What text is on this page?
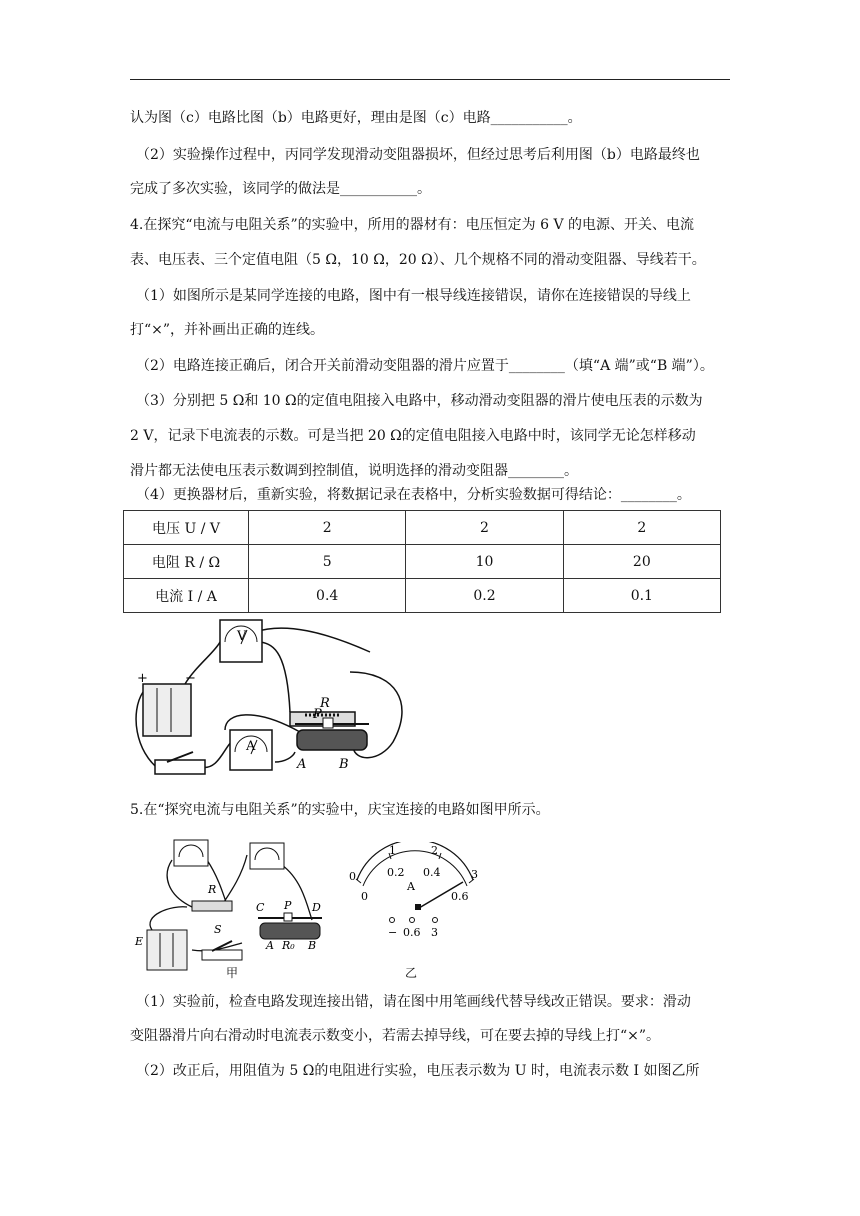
认为图（c）电路比图（b）电路更好，理由是图（c）电路___________。
（2）实验操作过程中，丙同学发现滑动变阻器损坏，但经过思考后利用图（b）电路最终也
完成了多次实验，该同学的做法是___________。
4.在探究“电流与电阻关系”的实验中，所用的器材有：电压恒定为 6 V 的电源、开关、电流
表、电压表、三个定值电阻（5 Ω，10 Ω，20 Ω）、几个规格不同的滑动变阻器、导线若干。
（1）如图所示是某同学连接的电路，图中有一根导线连接错误，请你在连接错误的导线上
打“×”，并补画出正确的连线。
（2）电路连接正确后，闭合开关前滑动变阻器的滑片应置于________（填“A 端”或“B 端”）。
（3）分别把 5 Ω和 10 Ω的定值电阻接入电路中，移动滑动变阻器的滑片使电压表的示数为
2 V，记录下电流表的示数。可是当把 20 Ω的定值电阻接入电路中时，该同学无论怎样移动
滑片都无法使电压表示数调到控制值，说明选择的滑动变阻器________。
（4）更换器材后，重新实验，将数据记录在表格中，分析实验数据可得结论：________。
电压 U / V	2	2	2
电阻 R / Ω	5	10	20
电流 I / A	0.4	0.2	0.1
V
R
+	−
A
P
A	B
5.在“探究电流与电阻关系”的实验中，庆宝连接的电路如图甲所示。
R
E
S
C P D
A R₀ B
甲
0
1	2
3
0
0.2 0.4
0.6
A
− 0.6 3
乙
（1）实验前，检查电路发现连接出错，请在图中用笔画线代替导线改正错误。要求：滑动
变阻器滑片向右滑动时电流表示数变小，若需去掉导线，可在要去掉的导线上打“×”。
（2）改正后，用阻值为 5 Ω的电阻进行实验，电压表示数为 U 时，电流表示数 I 如图乙所
